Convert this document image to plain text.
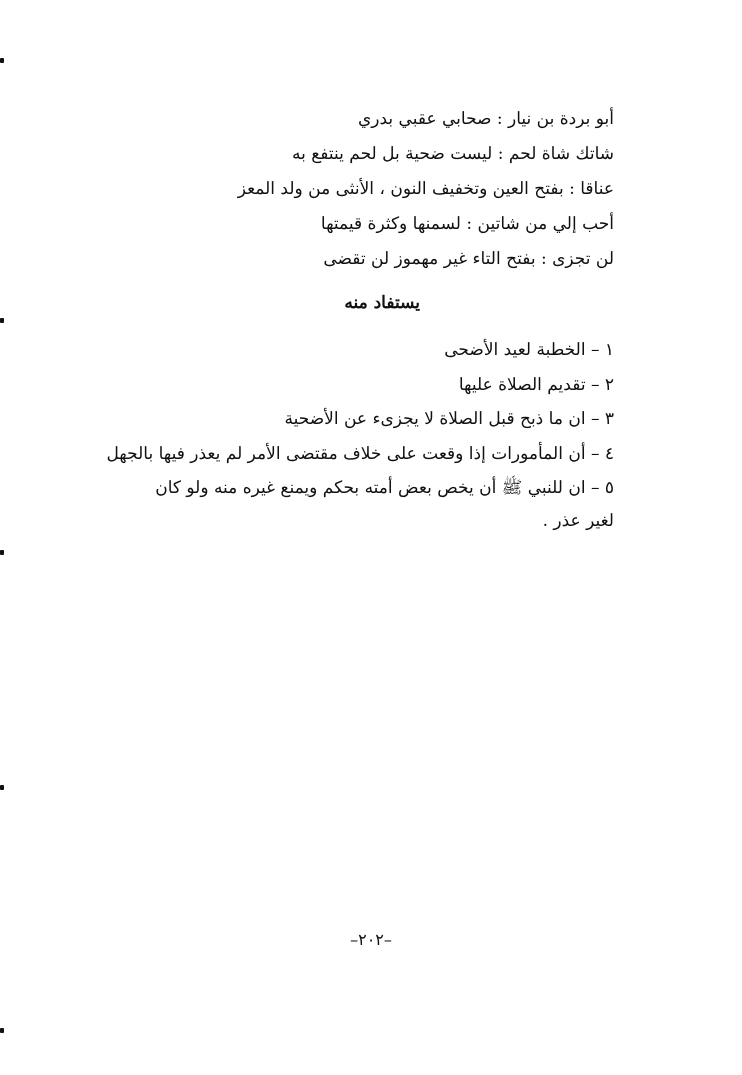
أبو بردة بن نيار : صحابي عقبي بدري
شاتك شاة لحم : ليست ضحية بل لحم ينتفع به
عناقا : بفتح العين وتخفيف النون ، الأنثى من ولد المعز
أحب إلي من شاتين : لسمنها وكثرة قيمتها
لن تجزى : بفتح التاء غير مهموز لن تقضى
يستفاد منه
١ – الخطبة لعيد الأضحى
٢ – تقديم الصلاة عليها
٣ – ان ما ذبح قبل الصلاة لا يجزىء عن الأضحية
٤ – أن المأمورات إذا وقعت على خلاف مقتضى الأمر لم يعذر فيها بالجهل
٥ – ان للنبي ﷺ أن يخص بعض أمته بحكم ويمنع غيره منه ولو كان
لغير عذر .
–٢٠٢–
